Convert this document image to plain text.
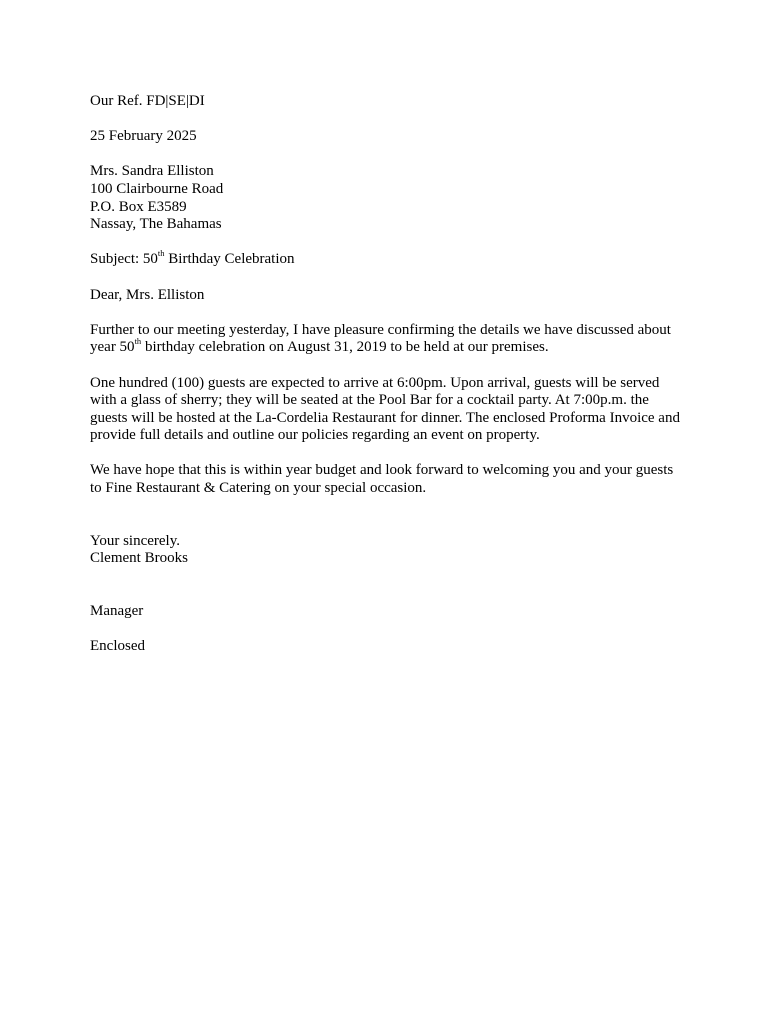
Our Ref. FD|SE|DI

25 February 2025

Mrs. Sandra Elliston
100 Clairbourne Road
P.O. Box E3589
Nassay, The Bahamas

Subject: 50th Birthday Celebration

Dear, Mrs. Elliston

Further to our meeting yesterday, I have pleasure confirming the details we have discussed about year 50th birthday celebration on August 31, 2019 to be held at our premises.

One hundred (100) guests are expected to arrive at 6:00pm. Upon arrival, guests will be served with a glass of sherry; they will be seated at the Pool Bar for a cocktail party. At 7:00p.m. the guests will be hosted at the La-Cordelia Restaurant for dinner. The enclosed Proforma Invoice and provide full details and outline our policies regarding an event on property.

We have hope that this is within year budget and look forward to welcoming you and your guests to Fine Restaurant & Catering on your special occasion.

Your sincerely.
Clement Brooks

Manager

Enclosed
